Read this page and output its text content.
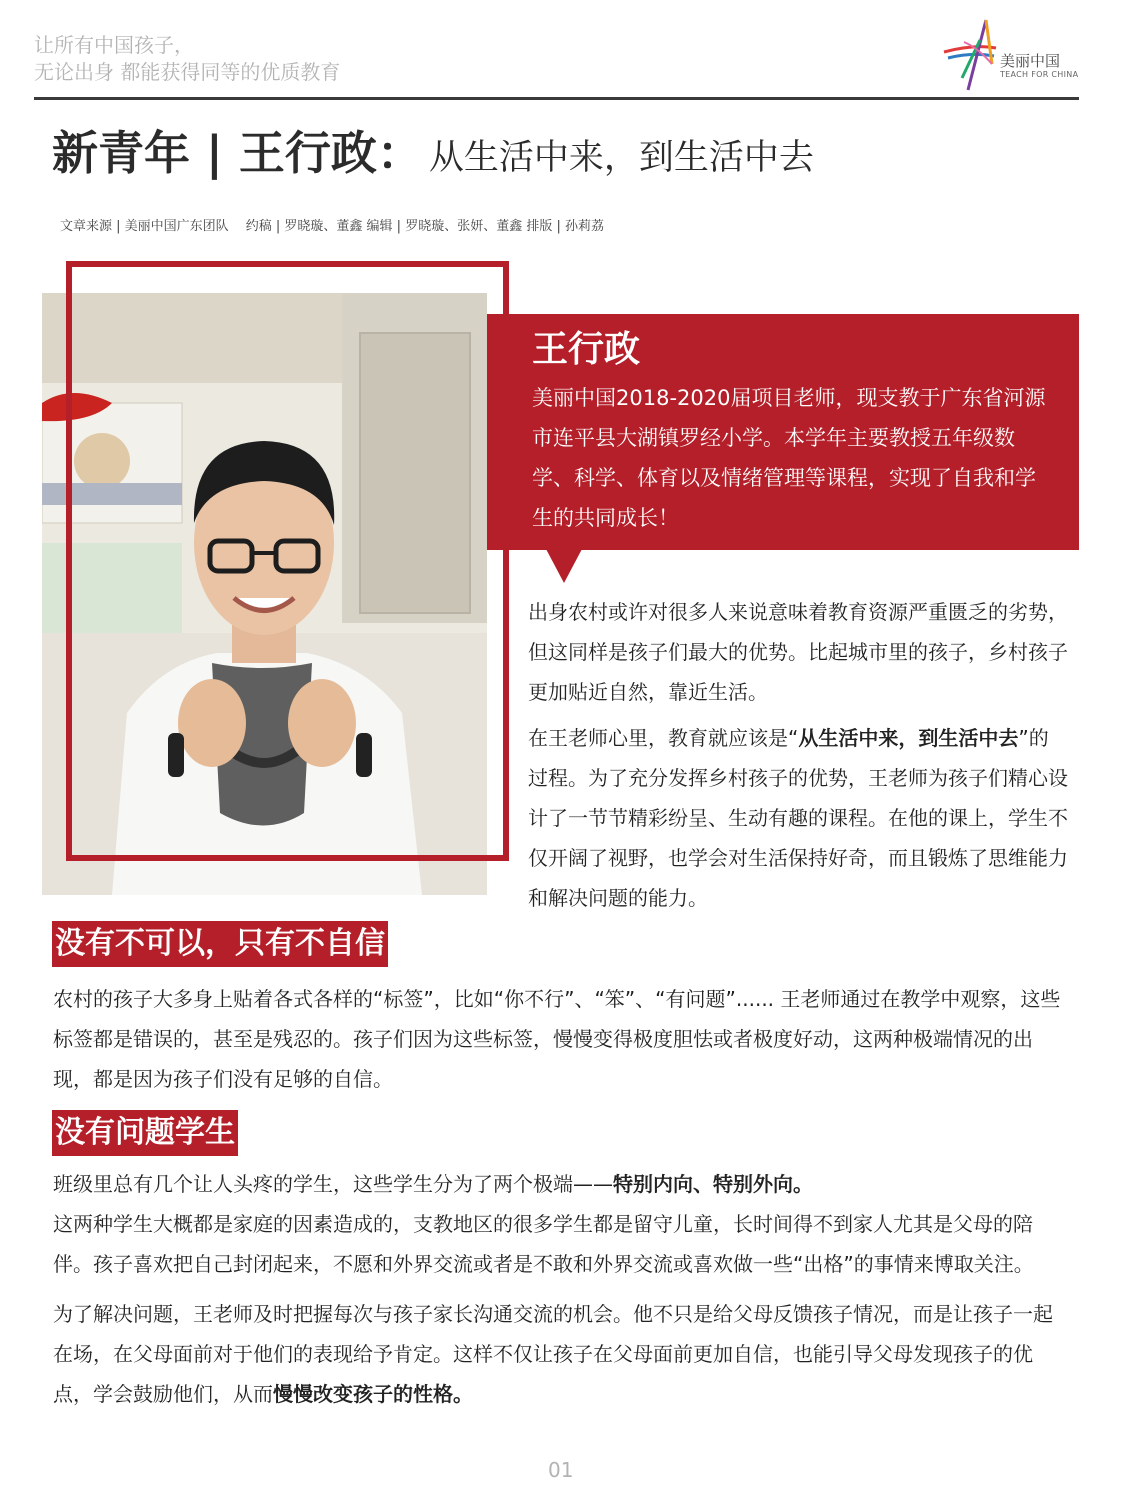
让所有中国孩子，
无论出身 都能获得同等的优质教育	美丽中国
TEACH FOR CHINA
新青年 | 王行政： 从生活中来，到生活中去
文章来源 | 美丽中国广东团队　 约稿 | 罗晓璇、董鑫 编辑 | 罗晓璇、张妍、董鑫 排版 | 孙莉荔
王行政
美丽中国2018-2020届项目老师，现支教于广东省河源市连平县大湖镇罗经小学。本学年主要教授五年级数学、科学、体育以及情绪管理等课程，实现了自我和学生的共同成长！

出身农村或许对很多人来说意味着教育资源严重匮乏的劣势，但这同样是孩子们最大的优势。比起城市里的孩子，乡村孩子更加贴近自然，靠近生活。

在王老师心里，教育就应该是“从生活中来，到生活中去”的过程。为了充分发挥乡村孩子的优势，王老师为孩子们精心设计了一节节精彩纷呈、生动有趣的课程。在他的课上，学生不仅开阔了视野，也学会对生活保持好奇，而且锻炼了思维能力和解决问题的能力。

没有不可以，只有不自信

农村的孩子大多身上贴着各式各样的“标签”，比如“你不行”、“笨”、“有问题”...... 王老师通过在教学中观察，这些标签都是错误的，甚至是残忍的。孩子们因为这些标签，慢慢变得极度胆怯或者极度好动，这两种极端情况的出现，都是因为孩子们没有足够的自信。

没有问题学生

班级里总有几个让人头疼的学生，这些学生分为了两个极端——特别内向、特别外向。

这两种学生大概都是家庭的因素造成的，支教地区的很多学生都是留守儿童，长时间得不到家人尤其是父母的陪伴。孩子喜欢把自己封闭起来，不愿和外界交流或者是不敢和外界交流或喜欢做一些“出格”的事情来博取关注。

为了解决问题，王老师及时把握每次与孩子家长沟通交流的机会。他不只是给父母反馈孩子情况，而是让孩子一起在场，在父母面前对于他们的表现给予肯定。这样不仅让孩子在父母面前更加自信，也能引导父母发现孩子的优点，学会鼓励他们，从而慢慢改变孩子的性格。

01
